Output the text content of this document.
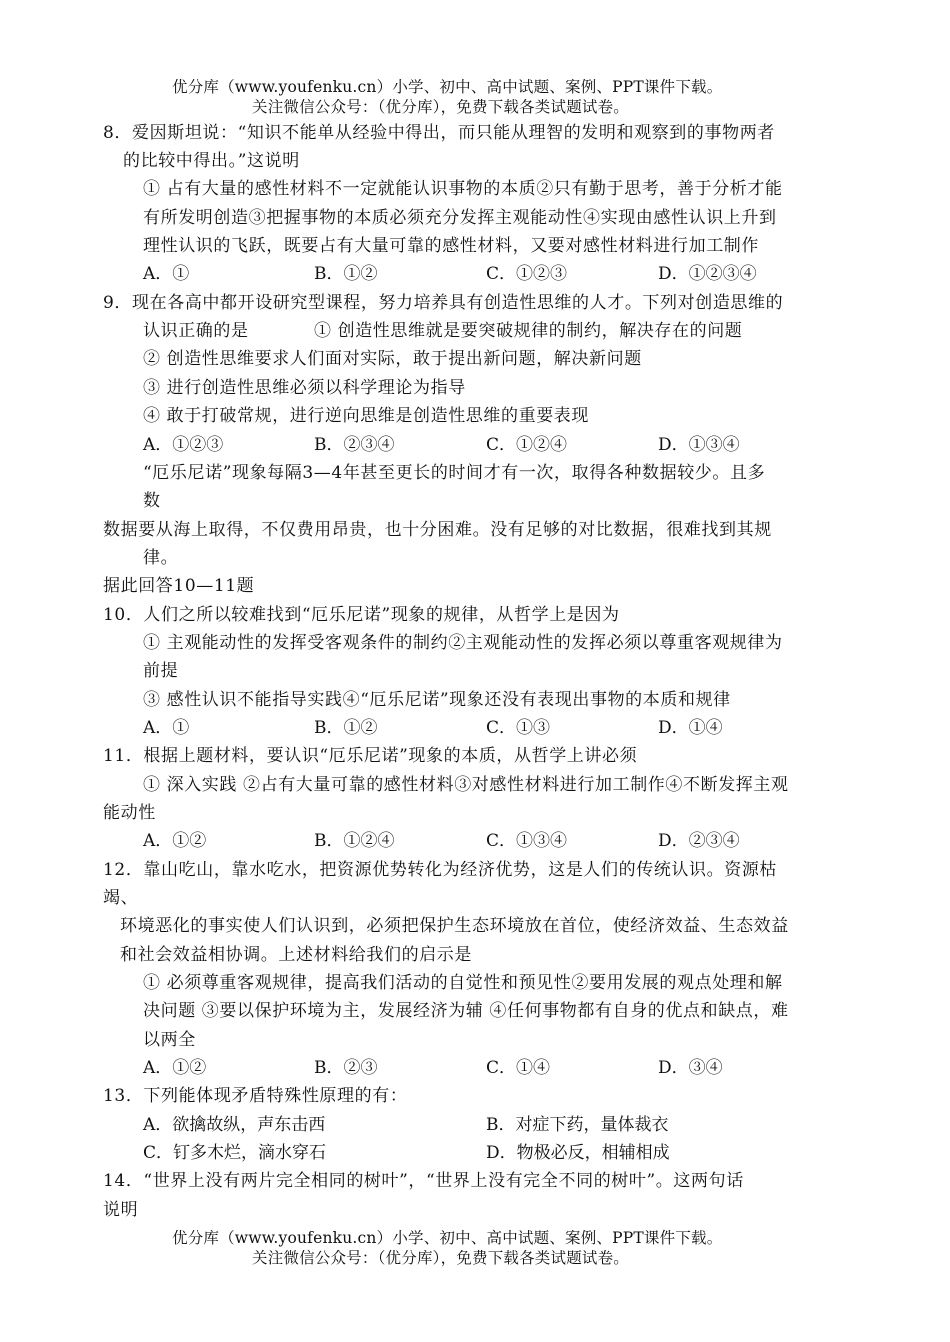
优分库（www.youfenku.cn）小学、初中、高中试题、案例、PPT课件下载。
关注微信公众号：（优分库），免费下载各类试题试卷。
8．爱因斯坦说：“知识不能单从经验中得出，而只能从理智的发明和观察到的事物两者
的比较中得出。”这说明
① 占有大量的感性材料不一定就能认识事物的本质②只有勤于思考，善于分析才能
有所发明创造③把握事物的本质必须充分发挥主观能动性④实现由感性认识上升到
理性认识的飞跃，既要占有大量可靠的感性材料，又要对感性材料进行加工制作
A．①	B．①②	C．①②③	D．①②③④
9．现在各高中都开设研究型课程，努力培养具有创造性思维的人才。下列对创造思维的
认识正确的是	① 创造性思维就是要突破规律的制约，解决存在的问题
② 创造性思维要求人们面对实际，敢于提出新问题，解决新问题
③ 进行创造性思维必须以科学理论为指导
④ 敢于打破常规，进行逆向思维是创造性思维的重要表现
A．①②③	B．②③④	C．①②④	D．①③④
“厄乐尼诺”现象每隔3—4年甚至更长的时间才有一次，取得各种数据较少。且多
数
数据要从海上取得，不仅费用昂贵，也十分困难。没有足够的对比数据，很难找到其规
律。
据此回答10—11题
10．人们之所以较难找到“厄乐尼诺”现象的规律，从哲学上是因为
① 主观能动性的发挥受客观条件的制约②主观能动性的发挥必须以尊重客观规律为
前提
③ 感性认识不能指导实践④“厄乐尼诺”现象还没有表现出事物的本质和规律
A．①	B．①②	C．①③	D．①④
11．根据上题材料，要认识“厄乐尼诺”现象的本质，从哲学上讲必须
① 深入实践 ②占有大量可靠的感性材料③对感性材料进行加工制作④不断发挥主观
能动性
A．①②	B．①②④	C．①③④	D．②③④
12．靠山吃山，靠水吃水，把资源优势转化为经济优势，这是人们的传统认识。资源枯
竭、
环境恶化的事实使人们认识到，必须把保护生态环境放在首位，使经济效益、生态效益
和社会效益相协调。上述材料给我们的启示是
① 必须尊重客观规律，提高我们活动的自觉性和预见性②要用发展的观点处理和解
决问题 ③要以保护环境为主，发展经济为辅 ④任何事物都有自身的优点和缺点，难
以两全
A．①②	B．②③	C．①④	D．③④
13．下列能体现矛盾特殊性原理的有：
A．欲擒故纵，声东击西	B．对症下药，量体裁衣
C．钉多木烂，滴水穿石	D．物极必反，相辅相成
14．“世界上没有两片完全相同的树叶”，“世界上没有完全不同的树叶”。这两句话
说明
优分库（www.youfenku.cn）小学、初中、高中试题、案例、PPT课件下载。
关注微信公众号：（优分库），免费下载各类试题试卷。
